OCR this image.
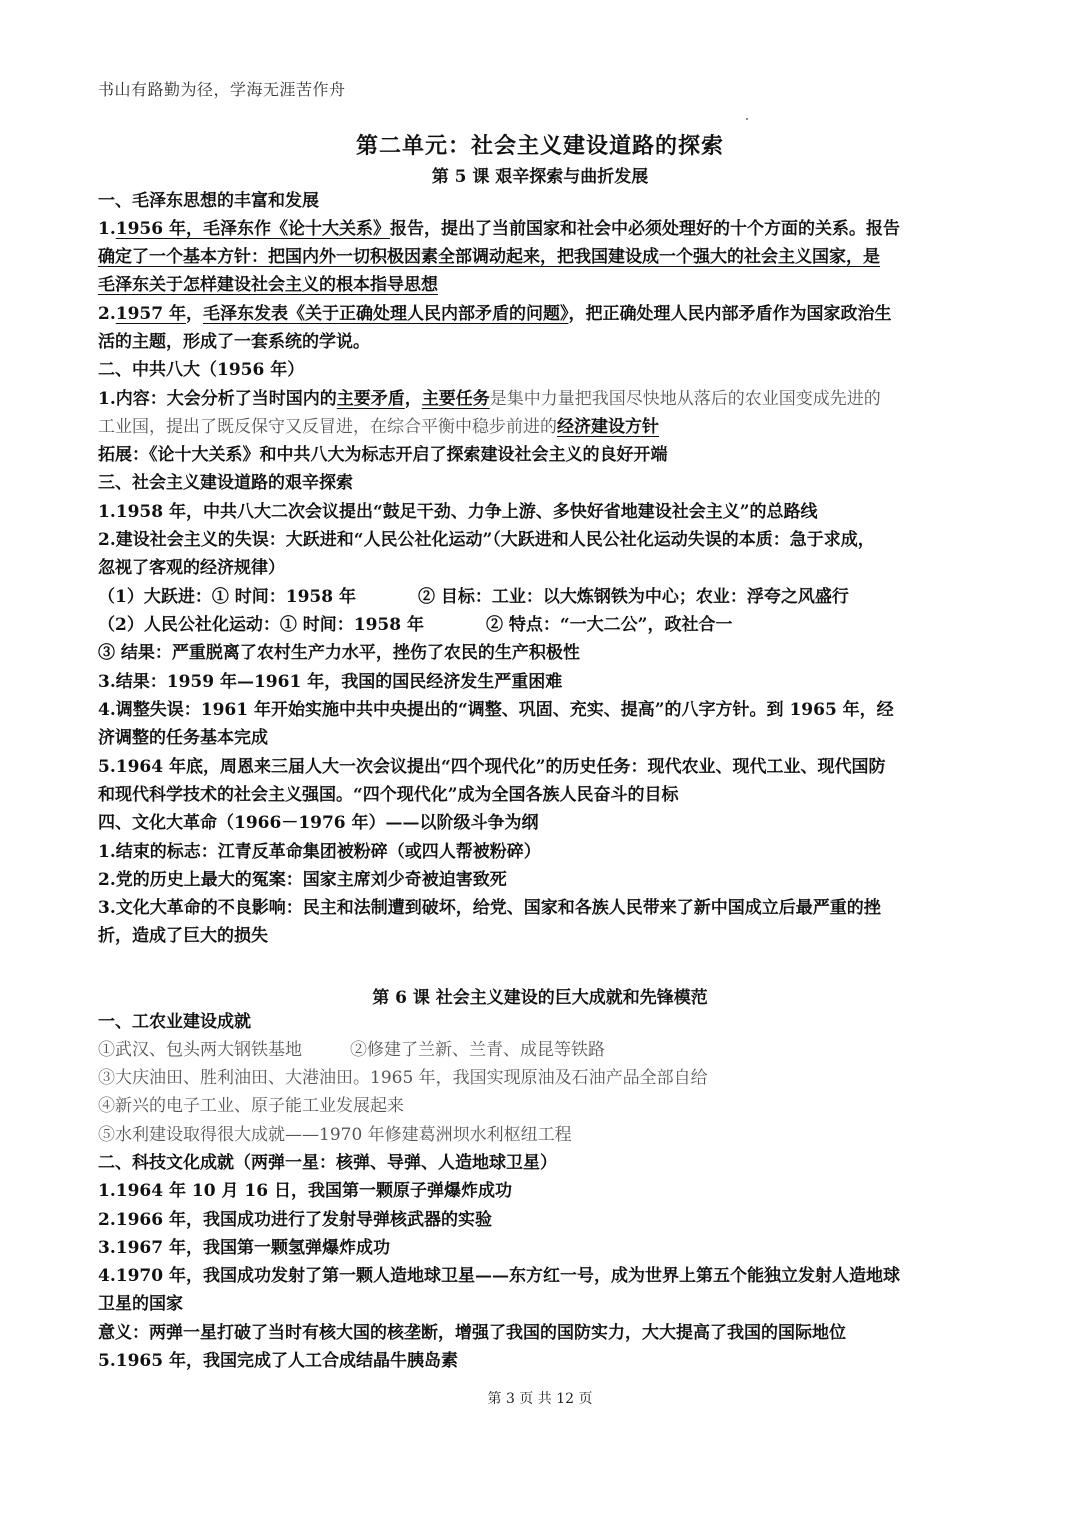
书山有路勤为径，学海无涯苦作舟
第二单元：社会主义建设道路的探索
第 5 课 艰辛探索与曲折发展
一、毛泽东思想的丰富和发展
1.1956 年，毛泽东作《论十大关系》报告，提出了当前国家和社会中必须处理好的十个方面的关系。报告
确定了一个基本方针：把国内外一切积极因素全部调动起来，把我国建设成一个强大的社会主义国家，是
毛泽东关于怎样建设社会主义的根本指导思想
2.1957 年，毛泽东发表《关于正确处理人民内部矛盾的问题》，把正确处理人民内部矛盾作为国家政治生
活的主题，形成了一套系统的学说。
二、中共八大（1956 年）
1.内容：大会分析了当时国内的主要矛盾，主要任务是集中力量把我国尽快地从落后的农业国变成先进的
工业国，提出了既反保守又反冒进，在综合平衡中稳步前进的经济建设方针
拓展：《论十大关系》和中共八大为标志开启了探索建设社会主义的良好开端
三、社会主义建设道路的艰辛探索
1.1958 年，中共八大二次会议提出“鼓足干劲、力争上游、多快好省地建设社会主义”的总路线
2.建设社会主义的失误：大跃进和“人民公社化运动”（大跃进和人民公社化运动失误的本质：急于求成，
忽视了客观的经济规律）
（1）大跃进：① 时间：1958 年	② 目标：工业：以大炼钢铁为中心；农业：浮夸之风盛行
（2）人民公社化运动：① 时间：1958 年	② 特点：“一大二公”，政社合一
③ 结果：严重脱离了农村生产力水平，挫伤了农民的生产积极性
3.结果：1959 年—1961 年，我国的国民经济发生严重困难
4.调整失误：1961 年开始实施中共中央提出的“调整、巩固、充实、提高”的八字方针。到 1965 年，经
济调整的任务基本完成
5.1964 年底，周恩来三届人大一次会议提出“四个现代化”的历史任务：现代农业、现代工业、现代国防
和现代科学技术的社会主义强国。“四个现代化”成为全国各族人民奋斗的目标
四、文化大革命（1966－1976 年）——以阶级斗争为纲
1.结束的标志：江青反革命集团被粉碎（或四人帮被粉碎）
2.党的历史上最大的冤案：国家主席刘少奇被迫害致死
3.文化大革命的不良影响：民主和法制遭到破坏，给党、国家和各族人民带来了新中国成立后最严重的挫
折，造成了巨大的损失
第 6 课 社会主义建设的巨大成就和先锋模范
一、工农业建设成就
①武汉、包头两大钢铁基地	②修建了兰新、兰青、成昆等铁路
③大庆油田、胜利油田、大港油田。1965 年，我国实现原油及石油产品全部自给
④新兴的电子工业、原子能工业发展起来
⑤水利建设取得很大成就——1970 年修建葛洲坝水利枢纽工程
二、科技文化成就（两弹一星：核弹、导弹、人造地球卫星）
1.1964 年 10 月 16 日，我国第一颗原子弹爆炸成功
2.1966 年，我国成功进行了发射导弹核武器的实验
3.1967 年，我国第一颗氢弹爆炸成功
4.1970 年，我国成功发射了第一颗人造地球卫星——东方红一号，成为世界上第五个能独立发射人造地球
卫星的国家
意义：两弹一星打破了当时有核大国的核垄断，增强了我国的国防实力，大大提高了我国的国际地位
5.1965 年，我国完成了人工合成结晶牛胰岛素
第 3 页 共 12 页
